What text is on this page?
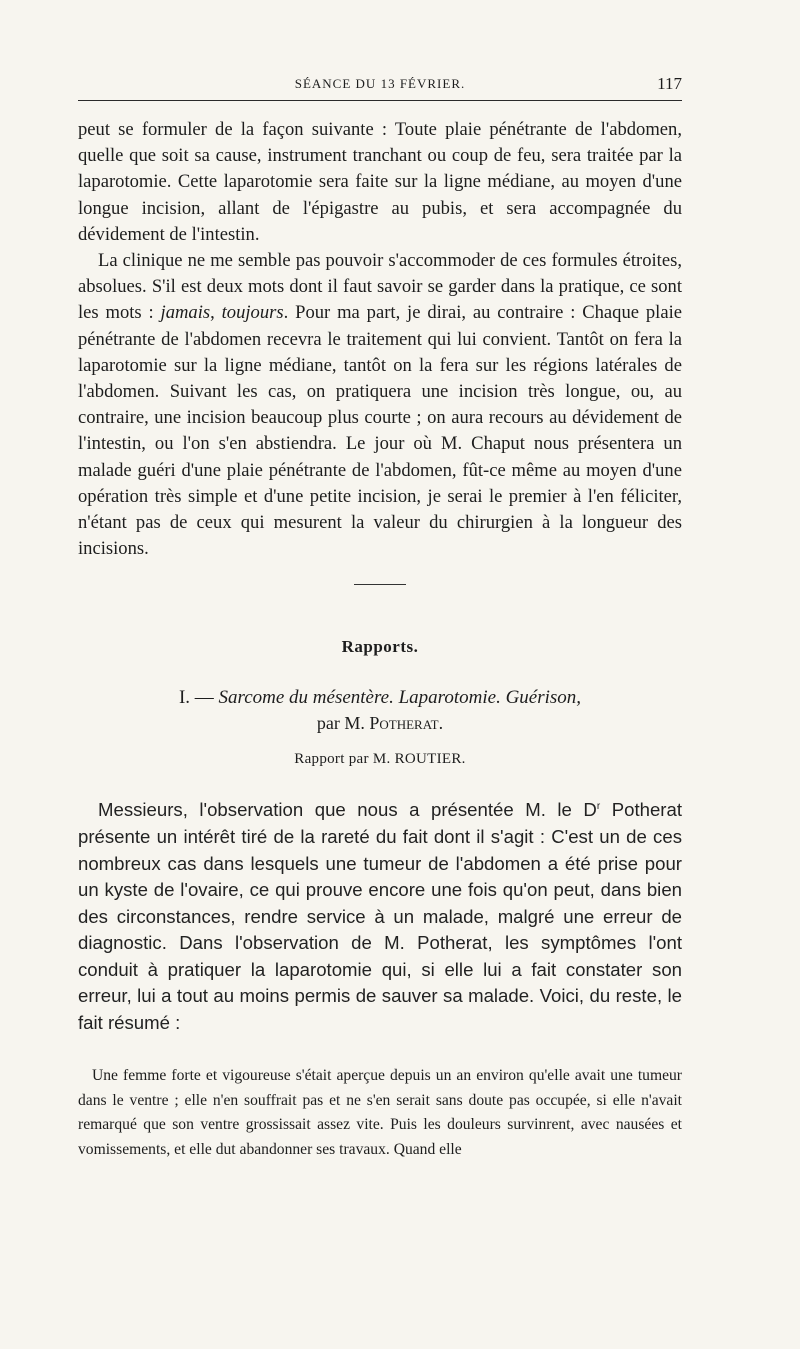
SÉANCE DU 13 FÉVRIER.	117

peut se formuler de la façon suivante : Toute plaie pénétrante de l'abdomen, quelle que soit sa cause, instrument tranchant ou coup de feu, sera traitée par la laparotomie. Cette laparotomie sera faite sur la ligne médiane, au moyen d'une longue incision, allant de l'épigastre au pubis, et sera accompagnée du dévidement de l'intestin.

La clinique ne me semble pas pouvoir s'accommoder de ces formules étroites, absolues. S'il est deux mots dont il faut savoir se garder dans la pratique, ce sont les mots : jamais, toujours. Pour ma part, je dirai, au contraire : Chaque plaie pénétrante de l'abdomen recevra le traitement qui lui convient. Tantôt on fera la laparotomie sur la ligne médiane, tantôt on la fera sur les régions latérales de l'abdomen. Suivant les cas, on pratiquera une incision très longue, ou, au contraire, une incision beaucoup plus courte ; on aura recours au dévidement de l'intestin, ou l'on s'en abstiendra. Le jour où M. Chaput nous présentera un malade guéri d'une plaie pénétrante de l'abdomen, fût-ce même au moyen d'une opération très simple et d'une petite incision, je serai le premier à l'en féliciter, n'étant pas de ceux qui mesurent la valeur du chirurgien à la longueur des incisions.

Rapports.
I. — Sarcome du mésentère. Laparotomie. Guérison,
par M. Potherat.
Rapport par M. ROUTIER.

Messieurs, l'observation que nous a présentée M. le $D^r$ Potherat présente un intérêt tiré de la rareté du fait dont il s'agit : C'est un de ces nombreux cas dans lesquels une tumeur de l'abdomen a été prise pour un kyste de l'ovaire, ce qui prouve encore une fois qu'on peut, dans bien des circonstances, rendre service à un malade, malgré une erreur de diagnostic. Dans l'observation de M. Potherat, les symptômes l'ont conduit à pratiquer la laparotomie qui, si elle lui a fait constater son erreur, lui a tout au moins permis de sauver sa malade. Voici, du reste, le fait résumé :

Une femme forte et vigoureuse s'était aperçue depuis un an environ qu'elle avait une tumeur dans le ventre ; elle n'en souffrait pas et ne s'en serait sans doute pas occupée, si elle n'avait remarqué que son ventre grossissait assez vite. Puis les douleurs survinrent, avec nausées et vomissements, et elle dut abandonner ses travaux. Quand elle
